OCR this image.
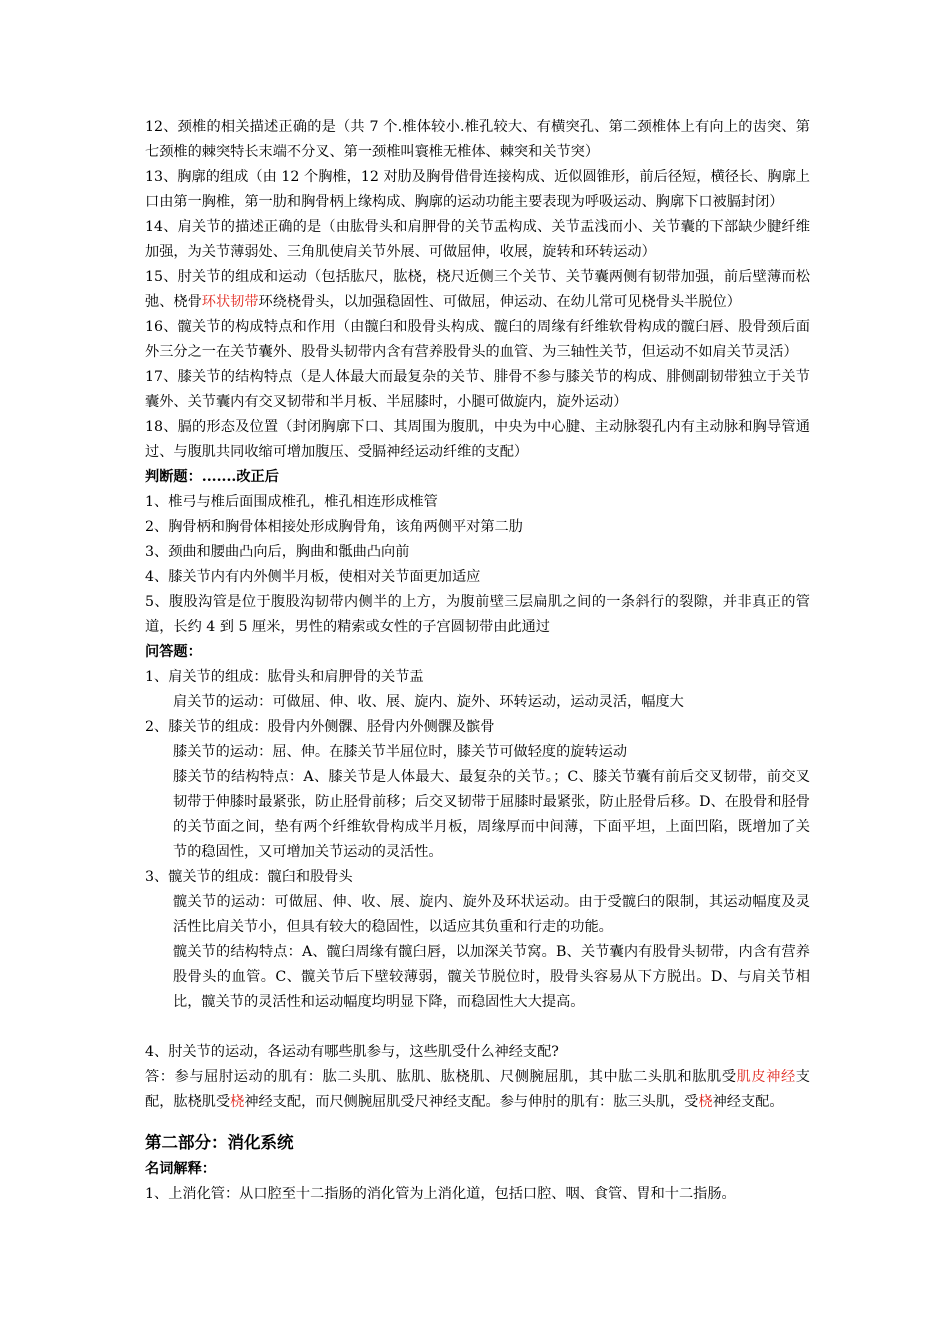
12、颈椎的相关描述正确的是（共 7 个.椎体较小.椎孔较大、有横突孔、第二颈椎体上有向上的齿突、第七颈椎的棘突特长末端不分叉、第一颈椎叫寰椎无椎体、棘突和关节突）

13、胸廓的组成（由 12 个胸椎，12 对肋及胸骨借骨连接构成、近似圆锥形，前后径短，横径长、胸廓上口由第一胸椎，第一肋和胸骨柄上缘构成、胸廓的运动功能主要表现为呼吸运动、胸廓下口被膈封闭）

14、肩关节的描述正确的是（由肱骨头和肩胛骨的关节盂构成、关节盂浅而小、关节囊的下部缺少腱纤维加强，为关节薄弱处、三角肌使肩关节外展、可做屈伸，收展，旋转和环转运动）

15、肘关节的组成和运动（包括肱尺，肱桡，桡尺近侧三个关节、关节囊两侧有韧带加强，前后壁薄而松弛、桡骨环状韧带环绕桡骨头，以加强稳固性、可做屈，伸运动、在幼儿常可见桡骨头半脱位）

16、髋关节的构成特点和作用（由髋臼和股骨头构成、髋臼的周缘有纤维软骨构成的髋臼唇、股骨颈后面外三分之一在关节囊外、股骨头韧带内含有营养股骨头的血管、为三轴性关节，但运动不如肩关节灵活）

17、膝关节的结构特点（是人体最大而最复杂的关节、腓骨不参与膝关节的构成、腓侧副韧带独立于关节囊外、关节囊内有交叉韧带和半月板、半屈膝时，小腿可做旋内，旋外运动）

18、膈的形态及位置（封闭胸廓下口、其周围为腹肌，中央为中心腱、主动脉裂孔内有主动脉和胸导管通过、与腹肌共同收缩可增加腹压、受膈神经运动纤维的支配）

判断题：.......改正后

1、椎弓与椎后面围成椎孔，椎孔相连形成椎管

2、胸骨柄和胸骨体相接处形成胸骨角，该角两侧平对第二肋

3、颈曲和腰曲凸向后，胸曲和骶曲凸向前

4、膝关节内有内外侧半月板，使相对关节面更加适应

5、腹股沟管是位于腹股沟韧带内侧半的上方，为腹前壁三层扁肌之间的一条斜行的裂隙，并非真正的管道，长约 4 到 5 厘米，男性的精索或女性的子宫圆韧带由此通过

问答题：

1、肩关节的组成：肱骨头和肩胛骨的关节盂

肩关节的运动：可做屈、伸、收、展、旋内、旋外、环转运动，运动灵活，幅度大

2、膝关节的组成：股骨内外侧髁、胫骨内外侧髁及髌骨

膝关节的运动：屈、伸。在膝关节半屈位时，膝关节可做轻度的旋转运动

膝关节的结构特点：A、膝关节是人体最大、最复杂的关节。；C、膝关节囊有前后交叉韧带，前交叉韧带于伸膝时最紧张，防止胫骨前移；后交叉韧带于屈膝时最紧张，防止胫骨后移。D、在股骨和胫骨的关节面之间，垫有两个纤维软骨构成半月板，周缘厚而中间薄，下面平坦，上面凹陷，既增加了关节的稳固性，又可增加关节运动的灵活性。

3、髋关节的组成：髋臼和股骨头

髋关节的运动：可做屈、伸、收、展、旋内、旋外及环状运动。由于受髋臼的限制，其运动幅度及灵活性比肩关节小，但具有较大的稳固性，以适应其负重和行走的功能。

髋关节的结构特点：A、髋臼周缘有髋臼唇，以加深关节窝。B、关节囊内有股骨头韧带，内含有营养股骨头的血管。C、髋关节后下壁较薄弱，髋关节脱位时，股骨头容易从下方脱出。D、与肩关节相比，髋关节的灵活性和运动幅度均明显下降，而稳固性大大提高。

4、肘关节的运动，各运动有哪些肌参与，这些肌受什么神经支配?

答：参与屈肘运动的肌有：肱二头肌、肱肌、肱桡肌、尺侧腕屈肌，其中肱二头肌和肱肌受肌皮神经支配，肱桡肌受桡神经支配，而尺侧腕屈肌受尺神经支配。参与伸肘的肌有：肱三头肌，受桡神经支配。

第二部分：消化系统

名词解释：

1、上消化管：从口腔至十二指肠的消化管为上消化道，包括口腔、咽、食管、胃和十二指肠。
